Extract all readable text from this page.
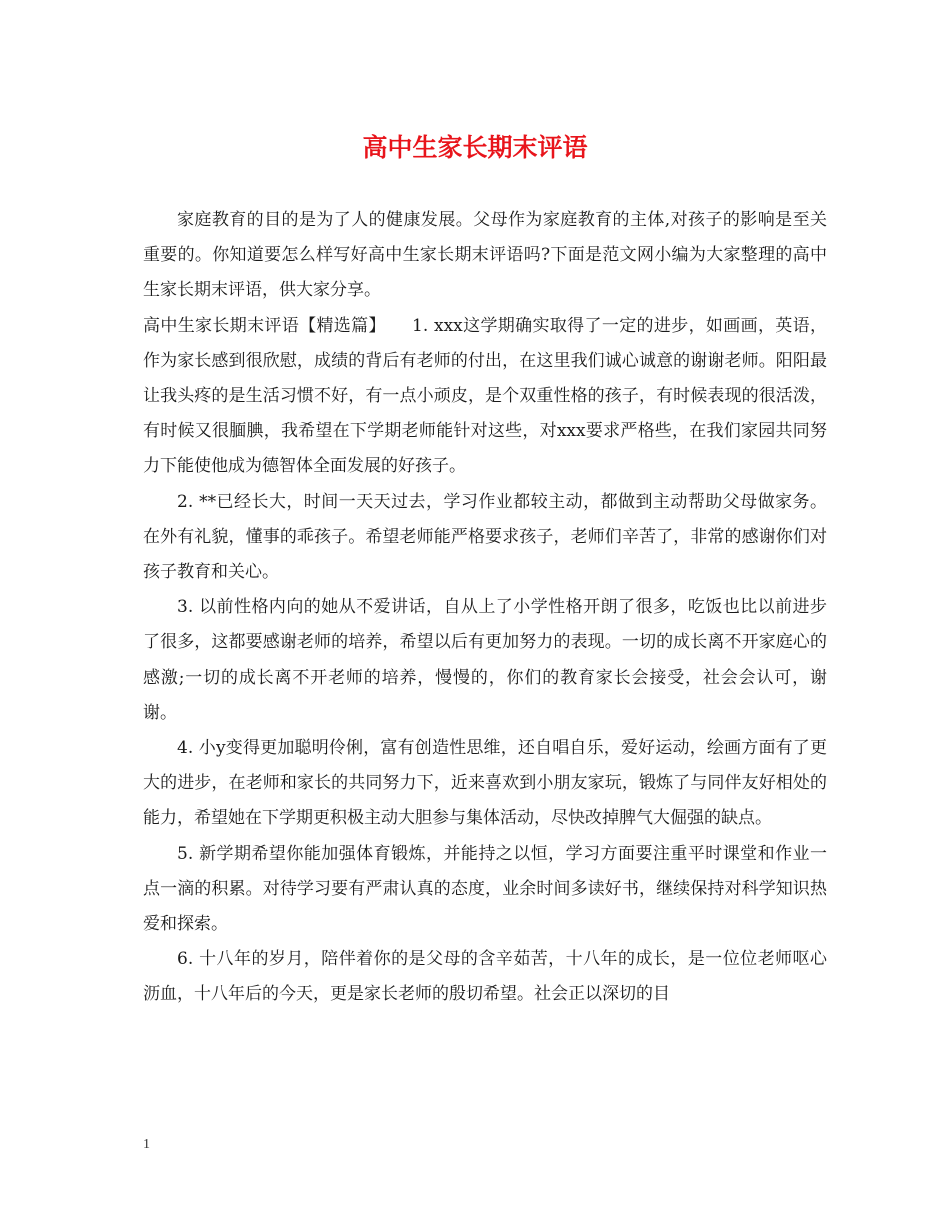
高中生家长期末评语

家庭教育的目的是为了人的健康发展。父母作为家庭教育的主体,对孩子的影响是至关重要的。你知道要怎么样写好高中生家长期末评语吗?下面是范文网小编为大家整理的高中生家长期末评语，供大家分享。

高中生家长期末评语【精选篇】　　1. xxx这学期确实取得了一定的进步，如画画，英语，作为家长感到很欣慰，成绩的背后有老师的付出，在这里我们诚心诚意的谢谢老师。阳阳最让我头疼的是生活习惯不好，有一点小顽皮，是个双重性格的孩子，有时候表现的很活泼，有时候又很腼腆，我希望在下学期老师能针对这些，对xxx要求严格些，在我们家园共同努力下能使他成为德智体全面发展的好孩子。

2. **已经长大，时间一天天过去，学习作业都较主动，都做到主动帮助父母做家务。在外有礼貌，懂事的乖孩子。希望老师能严格要求孩子，老师们辛苦了，非常的感谢你们对孩子教育和关心。

3. 以前性格内向的她从不爱讲话，自从上了小学性格开朗了很多，吃饭也比以前进步了很多，这都要感谢老师的培养，希望以后有更加努力的表现。一切的成长离不开家庭心的感激;一切的成长离不开老师的培养，慢慢的，你们的教育家长会接受，社会会认可，谢谢。

4. 小y变得更加聪明伶俐，富有创造性思维，还自唱自乐，爱好运动，绘画方面有了更大的进步，在老师和家长的共同努力下，近来喜欢到小朋友家玩，锻炼了与同伴友好相处的能力，希望她在下学期更积极主动大胆参与集体活动，尽快改掉脾气大倔强的缺点。

5. 新学期希望你能加强体育锻炼，并能持之以恒，学习方面要注重平时课堂和作业一点一滴的积累。对待学习要有严肃认真的态度，业余时间多读好书，继续保持对科学知识热爱和探索。

6. 十八年的岁月，陪伴着你的是父母的含辛茹苦，十八年的成长，是一位位老师呕心沥血，十八年后的今天，更是家长老师的殷切希望。社会正以深切的目

1
